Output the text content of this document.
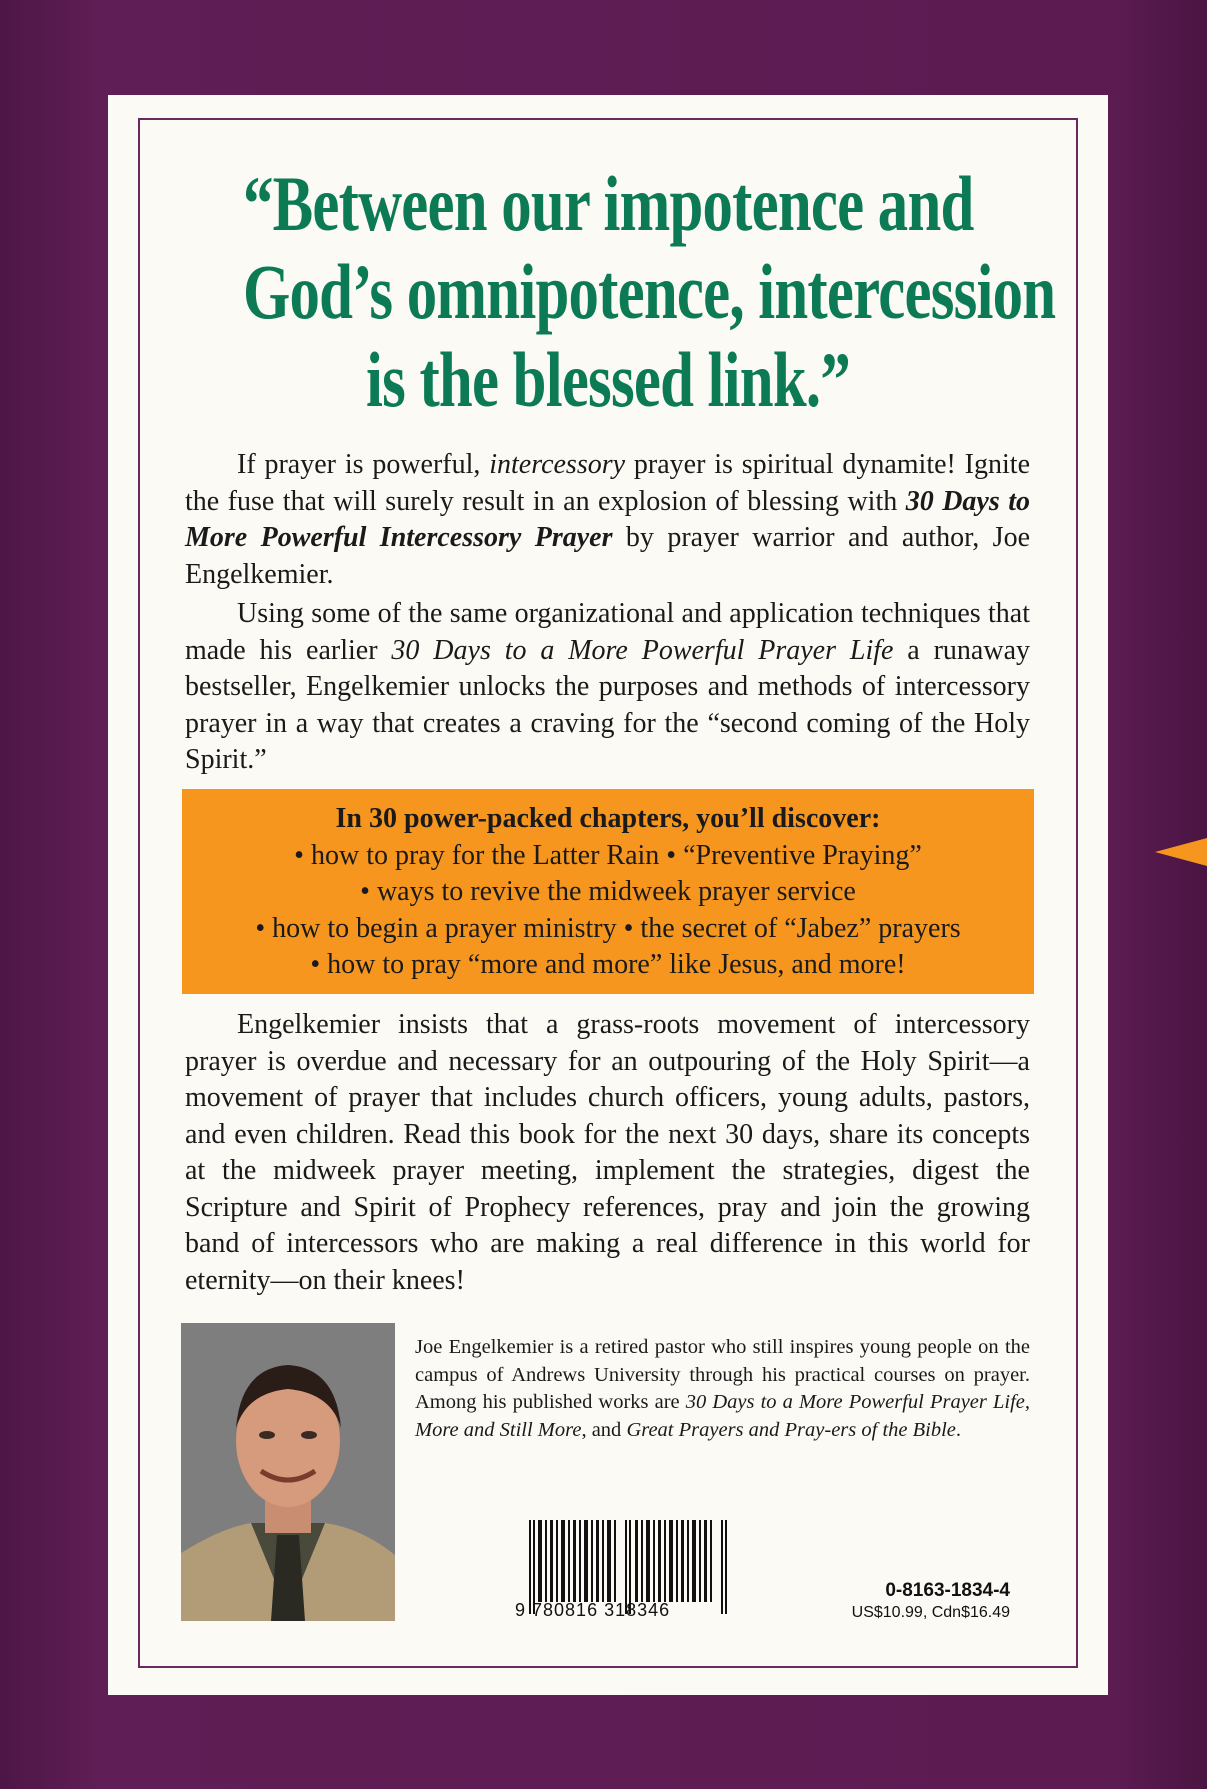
“Between our impotence and
God’s omnipotence, intercession
is the blessed link.”

If prayer is powerful, intercessory prayer is spiritual dynamite! Ignite the fuse that will surely result in an explosion of blessing with 30 Days to More Powerful Intercessory Prayer by prayer warrior and author, Joe Engelkemier.

Using some of the same organizational and application techniques that made his earlier 30 Days to a More Powerful Prayer Life a runaway bestseller, Engelkemier unlocks the purposes and methods of intercessory prayer in a way that creates a craving for the “second coming of the Holy Spirit.”

In 30 power-packed chapters, you’ll discover:
• how to pray for the Latter Rain • “Preventive Praying”
• ways to revive the midweek prayer service
• how to begin a prayer ministry • the secret of “Jabez” prayers
• how to pray “more and more” like Jesus, and more!

Engelkemier insists that a grass-roots movement of intercessory prayer is overdue and necessary for an outpouring of the Holy Spirit—a movement of prayer that includes church officers, young adults, pastors, and even children. Read this book for the next 30 days, share its concepts at the midweek prayer meeting, implement the strategies, digest the Scripture and Spirit of Prophecy references, pray and join the growing band of intercessors who are making a real difference in this world for eternity—on their knees!

Joe Engelkemier is a retired pastor who still inspires young people on the campus of Andrews University through his practical courses on prayer. Among his published works are 30 Days to a More Powerful Prayer Life, More and Still More, and Great Prayers and Pray-ers of the Bible.
9 780816 318346
0-8163-1834-4
US$10.99, Cdn$16.49
